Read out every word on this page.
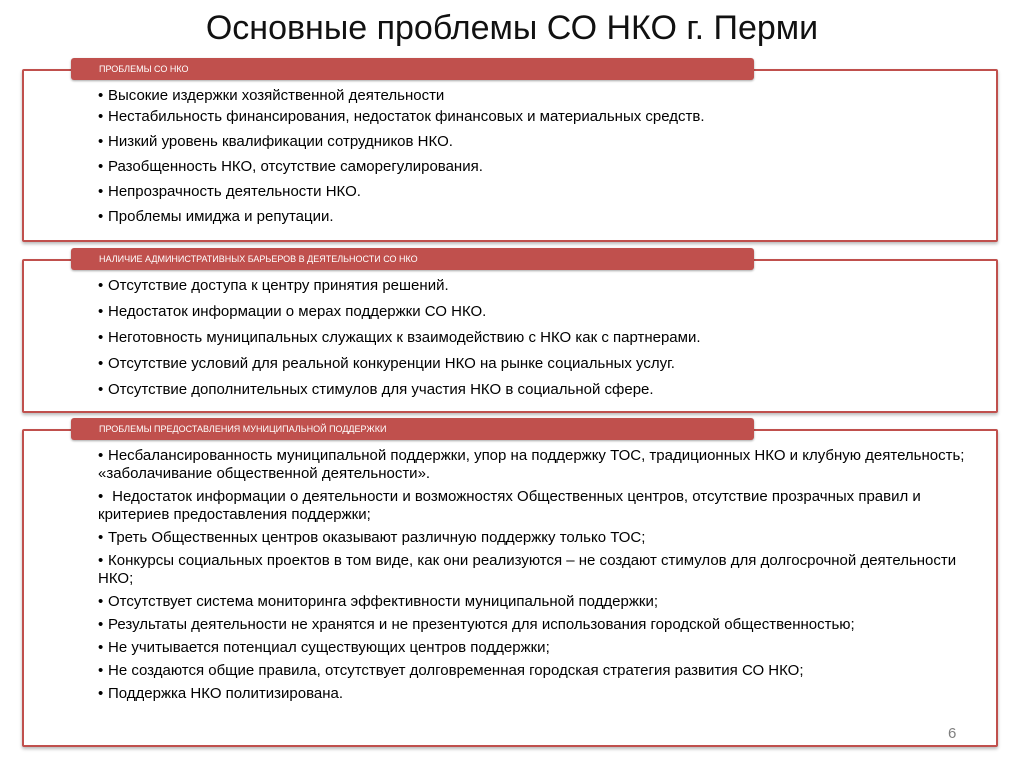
Основные проблемы СО НКО г. Перми
ПРОБЛЕМЫ СО НКО
• Высокие издержки хозяйственной деятельности
• Нестабильность финансирования, недостаток финансовых и материальных средств.
• Низкий уровень квалификации сотрудников НКО.
• Разобщенность НКО, отсутствие саморегулирования.
• Непрозрачность деятельности НКО.
• Проблемы имиджа и репутации.
НАЛИЧИЕ АДМИНИСТРАТИВНЫХ БАРЬЕРОВ В ДЕЯТЕЛЬНОСТИ СО НКО
• Отсутствие доступа к центру принятия решений.
• Недостаток информации о мерах поддержки СО НКО.
• Неготовность муниципальных служащих к взаимодействию с НКО как с партнерами.
• Отсутствие условий для реальной конкуренции НКО на рынке социальных услуг.
• Отсутствие дополнительных стимулов для участия НКО в социальной сфере.
ПРОБЛЕМЫ ПРЕДОСТАВЛЕНИЯ МУНИЦИПАЛЬНОЙ ПОДДЕРЖКИ
• Несбалансированность муниципальной поддержки, упор на поддержку ТОС, традиционных НКО и клубную деятельность; «заболачивание общественной деятельности».
• Недостаток информации о деятельности и возможностях Общественных центров, отсутствие прозрачных правил и критериев предоставления поддержки;
• Треть Общественных центров оказывают различную поддержку только ТОС;
• Конкурсы социальных проектов в том виде, как они реализуются – не создают стимулов для долгосрочной деятельности НКО;
• Отсутствует система мониторинга эффективности муниципальной поддержки;
• Результаты деятельности не хранятся и не презентуются для использования городской общественностью;
• Не учитывается потенциал существующих центров поддержки;
• Не создаются общие правила, отсутствует долговременная городская стратегия развития СО НКО;
• Поддержка НКО политизирована.
6
